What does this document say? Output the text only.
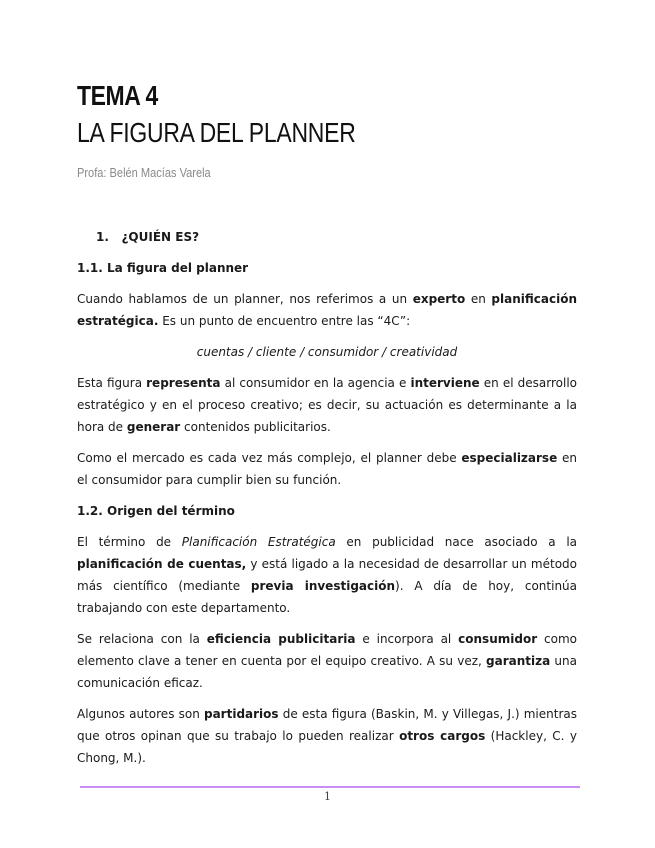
TEMA 4
LA FIGURA DEL PLANNER
Profa: Belén Macías Varela
1. ¿QUIÉN ES?
1.1. La figura del planner

Cuando hablamos de un planner, nos referimos a un experto en planificación estratégica. Es un punto de encuentro entre las “4C”:

cuentas / cliente / consumidor / creatividad

Esta figura representa al consumidor en la agencia e interviene en el desarrollo estratégico y en el proceso creativo; es decir, su actuación es determinante a la hora de generar contenidos publicitarios.

Como el mercado es cada vez más complejo, el planner debe especializarse en el consumidor para cumplir bien su función.

1.2. Origen del término

El término de Planificación Estratégica en publicidad nace asociado a la planificación de cuentas, y está ligado a la necesidad de desarrollar un método más científico (mediante previa investigación). A día de hoy, continúa trabajando con este departamento.

Se relaciona con la eficiencia publicitaria e incorpora al consumidor como elemento clave a tener en cuenta por el equipo creativo. A su vez, garantiza una comunicación eficaz.

Algunos autores son partidarios de esta figura (Baskin, M. y Villegas, J.) mientras que otros opinan que su trabajo lo pueden realizar otros cargos (Hackley, C. y Chong, M.).

1
